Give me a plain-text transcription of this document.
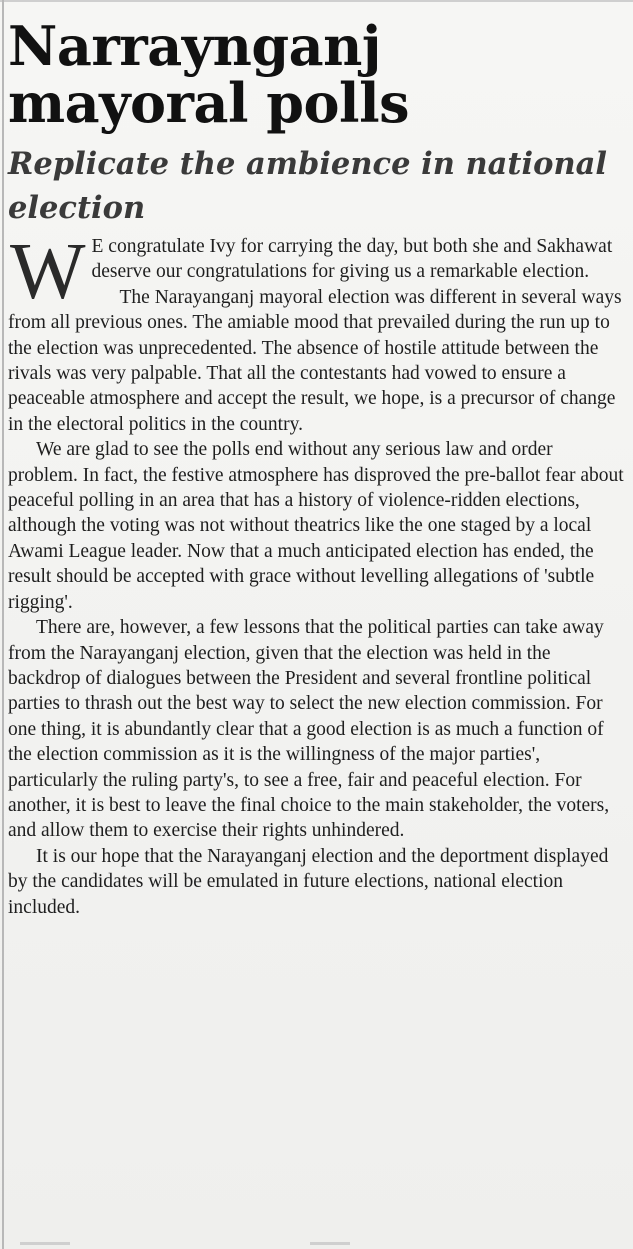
Narraynganj mayoral polls
Replicate the ambience in national election

W E congratulate Ivy for carrying the day, but both she and Sakhawat deserve our congratulations for giving us a remarkable election.

The Narayanganj mayoral election was different in several ways from all previous ones. The amiable mood that prevailed during the run up to the election was unprecedented. The absence of hostile attitude between the rivals was very palpable. That all the contestants had vowed to ensure a peaceable atmosphere and accept the result, we hope, is a precursor of change in the electoral politics in the country.

We are glad to see the polls end without any serious law and order problem. In fact, the festive atmosphere has disproved the pre-ballot fear about peaceful polling in an area that has a history of violence-ridden elections, although the voting was not without theatrics like the one staged by a local Awami League leader. Now that a much anticipated election has ended, the result should be accepted with grace without levelling allegations of 'subtle rigging'.

There are, however, a few lessons that the political parties can take away from the Narayanganj election, given that the election was held in the backdrop of dialogues between the President and several frontline political parties to thrash out the best way to select the new election commission. For one thing, it is abundantly clear that a good election is as much a function of the election commission as it is the willingness of the major parties', particularly the ruling party's, to see a free, fair and peaceful election. For another, it is best to leave the final choice to the main stakeholder, the voters, and allow them to exercise their rights unhindered.

It is our hope that the Narayanganj election and the deportment displayed by the candidates will be emulated in future elections, national election included.
